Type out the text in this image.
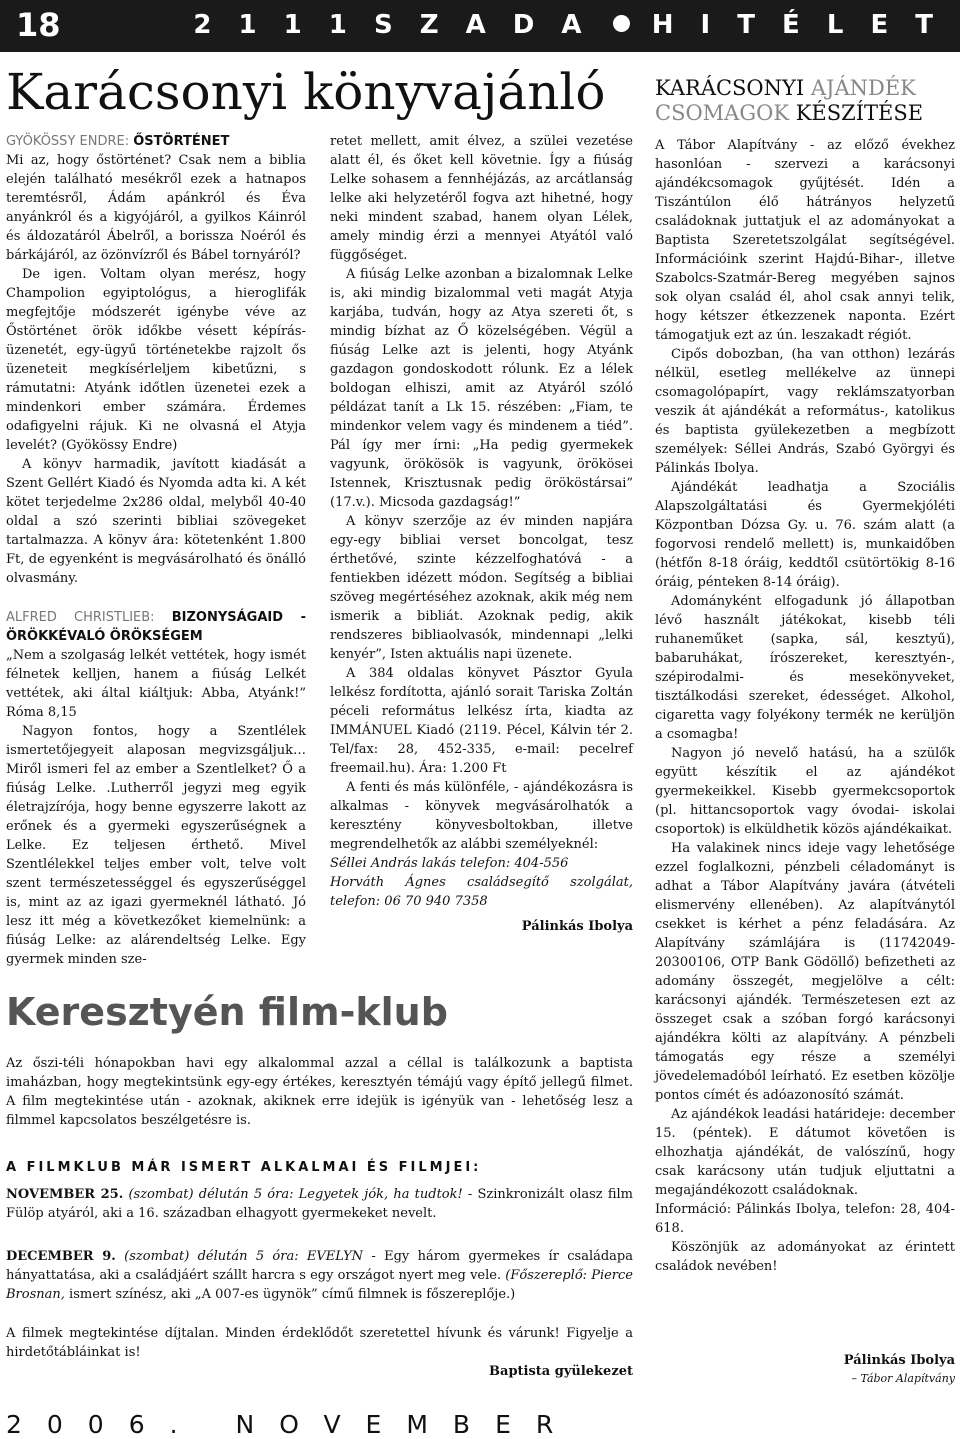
18	2 1 1 1 S Z A D A H I T É L E T
Karácsonyi könyvajánló

GYÖKÖSSY ENDRE: ŐSTÖRTÉNET

Mi az, hogy őstörténet? Csak nem a biblia elején található mesékről ezek a hatnapos teremtésről, Ádám apánkról és Éva anyánkról és a kigyójáról, a gyilkos Káinról és áldozatáról Ábelről, a borissza Noéról és bárkájáról, az özönvízről és Bábel tornyáról?

De igen. Voltam olyan merész, hogy Champolion egyiptológus, a hieroglifák megfejtője módszerét igénybe véve az Őstörténet örök időkbe vésett képírás-üzenetét, egy-ügyű történetekbe rajzolt ős üzeneteit megkísérleljem kibetűzni, s rámutatni: Atyánk időtlen üzenetei ezek a mindenkori ember számára. Érdemes odafigyelni rájuk. Ki ne olvasná el Atyja levelét? (Gyökössy Endre)

A könyv harmadik, javított kiadását a Szent Gellért Kiadó és Nyomda adta ki. A két kötet terjedelme 2x286 oldal, melyből 40-40 oldal a szó szerinti bibliai szövegeket tartalmazza. A könyv ára: kötetenként 1.800 Ft, de egyenként is megvásárolható és önálló olvasmány.

ALFRED CHRISTLIEB: BIZONYSÁGAID - ÖRÖKKÉVALÓ ÖRÖKSÉGEM

„Nem a szolgaság lelkét vettétek, hogy ismét félnetek kelljen, hanem a fiúság Lelkét vettétek, aki által kiáltjuk: Abba, Atyánk!” Róma 8,15

Nagyon fontos, hogy a Szentlélek ismertetőjegyeit alaposan megvizsgáljuk… Miről ismeri fel az ember a Szentlelket? Ő a fiúság Lelke. .Lutherről jegyzi meg egyik életrajzírója, hogy benne egyszerre lakott az erőnek és a gyermeki egyszerűségnek a Lelke. Ez teljesen érthető. Mivel Szentlélekkel teljes ember volt, telve volt szent természetességgel és egyszerűséggel is, mint az az igazi gyermeknél látható. Jó lesz itt még a következőket kiemelnünk: a fiúság Lelke: az alárendeltség Lelke. Egy gyermek minden sze-

retet mellett, amit élvez, a szülei vezetése alatt él, és őket kell követnie. Így a fiúság Lelke sohasem a fennhéjázás, az arcátlanság lelke aki helyzetéről fogva azt hihetné, hogy neki mindent szabad, hanem olyan Lélek, amely mindig érzi a mennyei Atyától való függőséget.

A fiúság Lelke azonban a bizalomnak Lelke is, aki mindig bizalommal veti magát Atyja karjába, tudván, hogy az Atya szereti őt, s mindig bízhat az Ő közelségében. Végül a fiúság Lelke azt is jelenti, hogy Atyánk gazdagon gondoskodott rólunk. Ez a lélek boldogan elhiszi, amit az Atyáról szóló példázat tanít a Lk 15. részében: „Fiam, te mindenkor velem vagy és mindenem a tiéd”. Pál így mer írni: „Ha pedig gyermekek vagyunk, örökösök is vagyunk, örökösei Istennek, Krisztusnak pedig örököstársai” (17.v.). Micsoda gazdagság!”

A könyv szerzője az év minden napjára egy-egy bibliai verset boncolgat, tesz érthetővé, szinte kézzelfoghatóvá - a fentiekben idézett módon. Segítség a bibliai szöveg megértéséhez azoknak, akik még nem ismerik a bibliát. Azoknak pedig, akik rendszeres bibliaolvasók, mindennapi „lelki kenyér”, Isten aktuális napi üzenete.

A 384 oldalas könyvet Pásztor Gyula lelkész fordította, ajánló sorait Tariska Zoltán péceli református lelkész írta, kiadta az IMMÁNUEL Kiadó (2119. Pécel, Kálvin tér 2. Tel/fax: 28, 452-335, e-mail: pecelref freemail.hu). Ára: 1.200 Ft

A fenti és más különféle, - ajándékozásra is alkalmas - könyvek megvásárolhatók a keresztény könyvesboltokban, illetve megrendelhetők az alábbi személyeknél:

Séllei András lakás telefon: 404-556

Horváth Ágnes családsegítő szolgálat, telefon: 06 70 940 7358

Pálinkás Ibolya

KARÁCSONYI AJÁNDÉK
CSOMAGOK KÉSZÍTÉSE

A Tábor Alapítvány - az előző évekhez hasonlóan - szervezi a karácsonyi ajándékcsomagok gyűjtését. Idén a Tiszántúlon élő hátrányos helyzetű családoknak juttatjuk el az adományokat a Baptista Szeretetszolgálat segítségével. Információink szerint Hajdú-Bihar-, illetve Szabolcs-Szatmár-Bereg megyében sajnos sok olyan család él, ahol csak annyi telik, hogy kétszer étkezzenek naponta. Ezért támogatjuk ezt az ún. leszakadt régiót.

Cipős dobozban, (ha van otthon) lezárás nélkül, esetleg mellékelve az ünnepi csomagolópapírt, vagy reklámszatyorban veszik át ajándékát a református-, katolikus és baptista gyülekezetben a megbízott személyek: Séllei András, Szabó Györgyi és Pálinkás Ibolya.

Ajándékát leadhatja a Szociális Alapszolgáltatási és Gyermekjóléti Központban Dózsa Gy. u. 76. szám alatt (a fogorvosi rendelő mellett) is, munkaidőben (hétfőn 8-18 óráig, keddtől csütörtökig 8-16 óráig, pénteken 8-14 óráig).

Adományként elfogadunk jó állapotban lévő használt játékokat, kisebb téli ruhaneműket (sapka, sál, kesztyű), babaruhákat, írószereket, keresztyén-, szépirodalmi- és mesekönyveket, tisztálkodási szereket, édességet. Alkohol, cigaretta vagy folyékony termék ne kerüljön a csomagba!

Nagyon jó nevelő hatású, ha a szülők együtt készítik el az ajándékot gyermekeikkel. Kisebb gyermekcsoportok (pl. hittancsoportok vagy óvodai- iskolai csoportok) is elküldhetik közös ajándékaikat.

Ha valakinek nincs ideje vagy lehetősége ezzel foglalkozni, pénzbeli céladományt is adhat a Tábor Alapítvány javára (átvételi elismervény ellenében). Az alapítványtól csekket is kérhet a pénz feladására. Az Alapítvány számlájára is (11742049-20300106, OTP Bank Gödöllő) befizetheti az adomány összegét, megjelölve a célt: karácsonyi ajándék. Természetesen ezt az összeget csak a szóban forgó karácsonyi ajándékra költi az alapítvány. A pénzbeli támogatás egy része a személyi jövedelemadóból leírható. Ez esetben közölje pontos címét és adóazonosító számát.

Az ajándékok leadási határideje: december 15. (péntek). E dátumot követően is elhozhatja ajándékát, de valószínű, hogy csak karácsony után tudjuk eljuttatni a megajándékozott családoknak.

Információ: Pálinkás Ibolya, telefon: 28, 404-618.

Köszönjük az adományokat az érintett családok nevében!

Pálinkás Ibolya
– Tábor Alapítvány
Keresztyén film-klub

Az őszi-téli hónapokban havi egy alkalommal azzal a céllal is találkozunk a baptista imaházban, hogy megtekintsünk egy-egy értékes, keresztyén témájú vagy építő jellegű filmet. A film megtekintése után - azoknak, akiknek erre idejük is igényük van - lehetőség lesz a filmmel kapcsolatos beszélgetésre is.

A FILMKLUB MÁR ISMERT ALKALMAI ÉS FILMJEI:

NOVEMBER 25. (szombat) délután 5 óra: Legyetek jók, ha tudtok! - Szinkronizált olasz film Fülöp atyáról, aki a 16. században elhagyott gyermekeket nevelt.

DECEMBER 9. (szombat) délután 5 óra: EVELYN - Egy három gyermekes ír családapa hányattatása, aki a családjáért szállt harcra s egy országot nyert meg vele. (Főszereplő: Pierce Brosnan, ismert színész, aki „A 007-es ügynök” című filmnek is főszereplője.)

A filmek megtekintése díjtalan. Minden érdeklődőt szeretettel hívunk és várunk! Figyelje a hirdetőtábláinkat is!

Baptista gyülekezet

2006. NOVEMBER
